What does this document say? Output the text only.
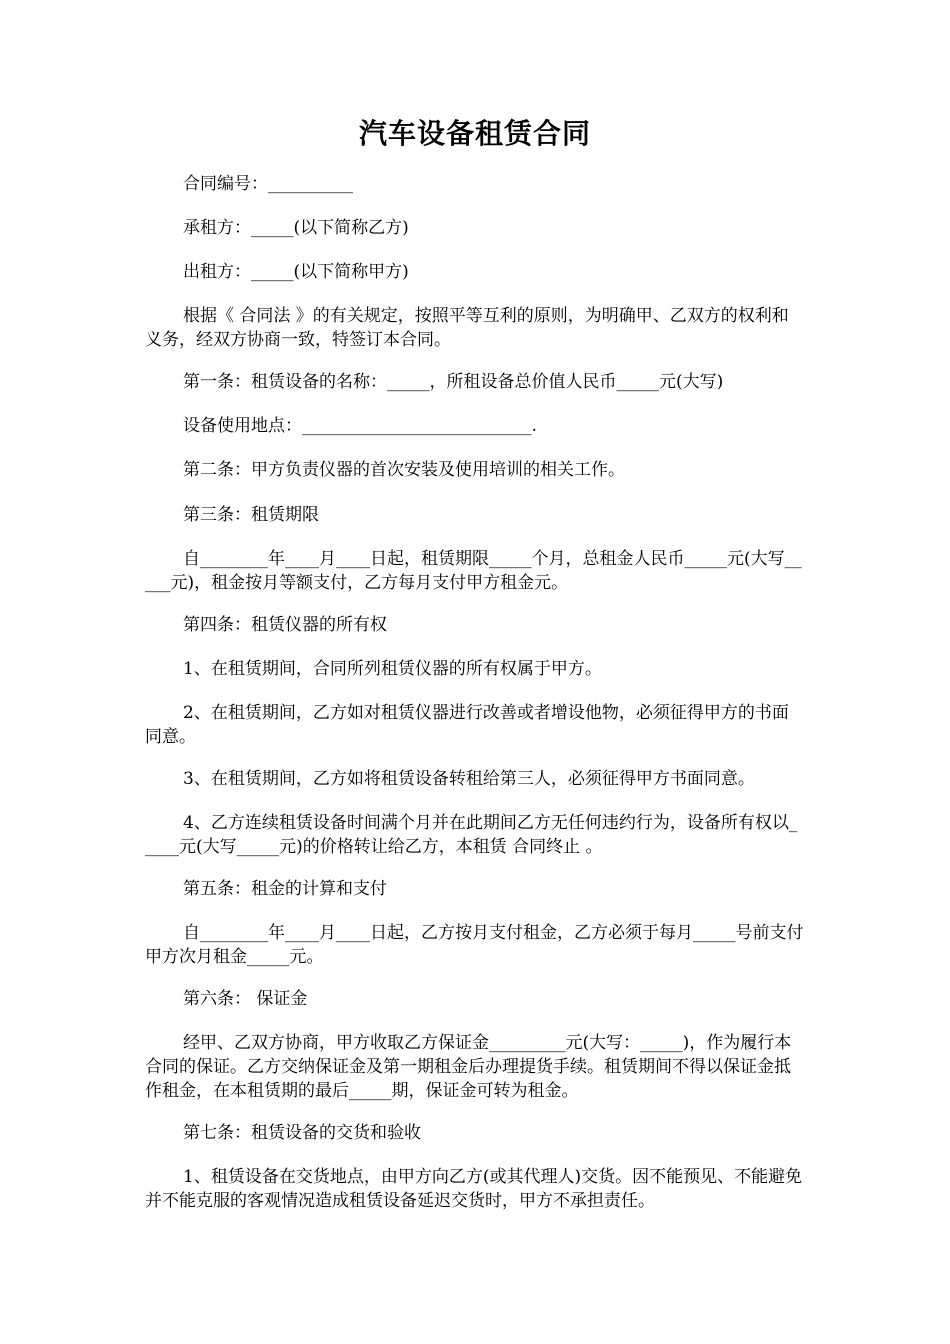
汽车设备租赁合同
合同编号：__________
承租方：_____(以下简称乙方)
出租方：_____(以下简称甲方)
根据《 合同法 》的有关规定，按照平等互利的原则，为明确甲、乙双方的权利和义务，经双方协商一致，特签订本合同。
第一条：租赁设备的名称：_____，所租设备总价值人民币_____元(大写)
设备使用地点：___________________________.
第二条：甲方负责仪器的首次安装及使用培训的相关工作。
第三条：租赁期限
自________年____月____日起，租赁期限_____个月，总租金人民币_____元(大写_____元)，租金按月等额支付，乙方每月支付甲方租金元。
第四条：租赁仪器的所有权
1、在租赁期间，合同所列租赁仪器的所有权属于甲方。
2、在租赁期间，乙方如对租赁仪器进行改善或者增设他物，必须征得甲方的书面同意。
3、在租赁期间，乙方如将租赁设备转租给第三人，必须征得甲方书面同意。
4、乙方连续租赁设备时间满个月并在此期间乙方无任何违约行为，设备所有权以_____元(大写_____元)的价格转让给乙方，本租赁 合同终止 。
第五条：租金的计算和支付
自________年____月____日起，乙方按月支付租金，乙方必须于每月_____号前支付甲方次月租金_____元。
第六条： 保证金
经甲、乙双方协商，甲方收取乙方保证金_________元(大写：_____)，作为履行本合同的保证。乙方交纳保证金及第一期租金后办理提货手续。租赁期间不得以保证金抵作租金，在本租赁期的最后_____期，保证金可转为租金。
第七条：租赁设备的交货和验收
1、租赁设备在交货地点，由甲方向乙方(或其代理人)交货。因不能预见、不能避免并不能克服的客观情况造成租赁设备延迟交货时，甲方不承担责任。
